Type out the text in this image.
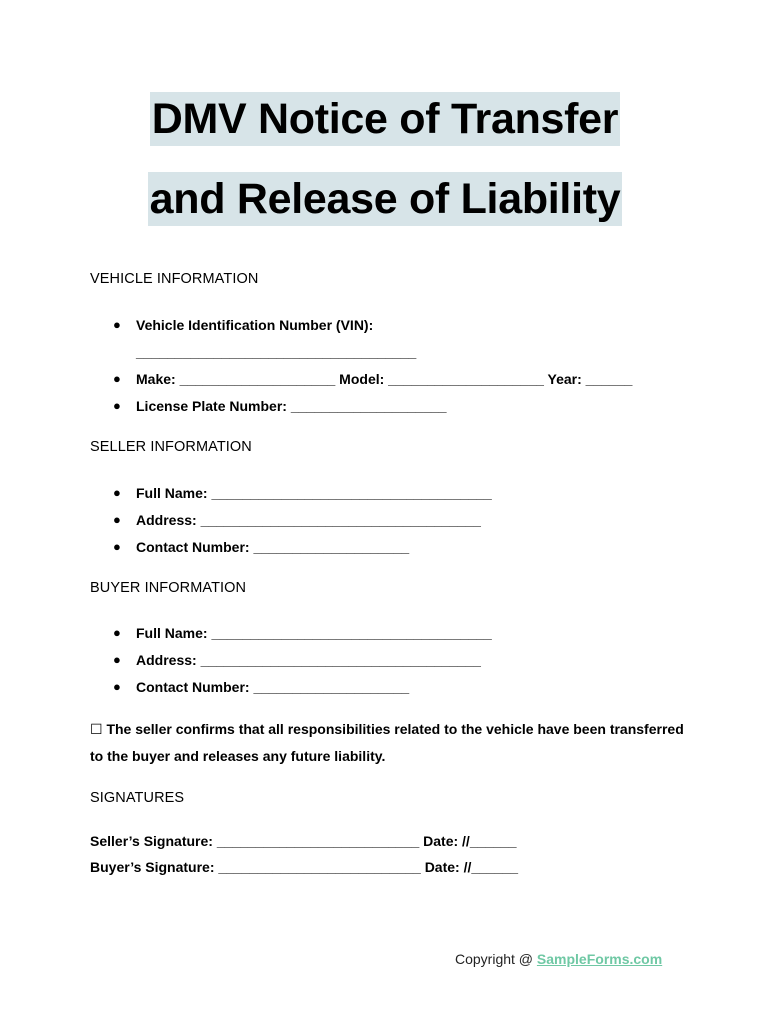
DMV Notice of Transfer
and Release of Liability
VEHICLE INFORMATION
● Vehicle Identification Number (VIN):
____________________________________
● Make: ____________________ Model: ____________________ Year: ______
● License Plate Number: ____________________
SELLER INFORMATION
● Full Name: ____________________________________
● Address: ____________________________________
● Contact Number: ____________________
BUYER INFORMATION
● Full Name: ____________________________________
● Address: ____________________________________
● Contact Number: ____________________
☐ The seller confirms that all responsibilities related to the vehicle have been transferred to the buyer and releases any future liability.
SIGNATURES
Seller’s Signature: __________________________ Date: //______
Buyer’s Signature: __________________________ Date: //______
Copyright @ SampleForms.com
